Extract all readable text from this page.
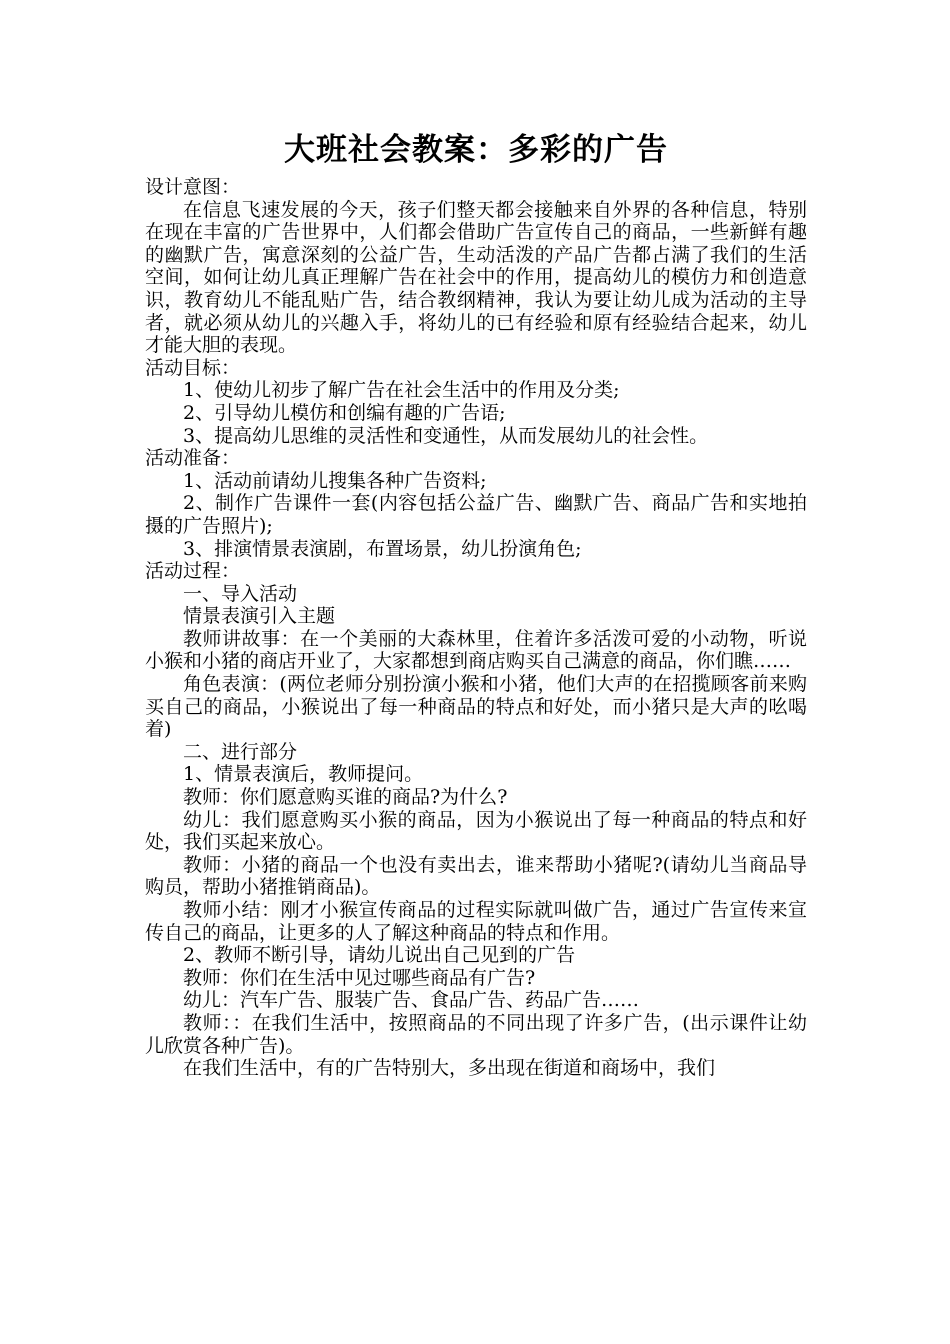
大班社会教案：多彩的广告

设计意图：

在信息飞速发展的今天，孩子们整天都会接触来自外界的各种信息，特别在现在丰富的广告世界中，人们都会借助广告宣传自己的商品，一些新鲜有趣的幽默广告，寓意深刻的公益广告，生动活泼的产品广告都占满了我们的生活空间，如何让幼儿真正理解广告在社会中的作用，提高幼儿的模仿力和创造意识，教育幼儿不能乱贴广告，结合教纲精神，我认为要让幼儿成为活动的主导者，就必须从幼儿的兴趣入手，将幼儿的已有经验和原有经验结合起来，幼儿才能大胆的表现。

活动目标：

1、使幼儿初步了解广告在社会生活中的作用及分类;

2、引导幼儿模仿和创编有趣的广告语;

3、提高幼儿思维的灵活性和变通性，从而发展幼儿的社会性。

活动准备：

1、活动前请幼儿搜集各种广告资料;

2、制作广告课件一套(内容包括公益广告、幽默广告、商品广告和实地拍摄的广告照片);

3、排演情景表演剧，布置场景，幼儿扮演角色;

活动过程：

一、导入活动

情景表演引入主题

教师讲故事：在一个美丽的大森林里，住着许多活泼可爱的小动物，听说小猴和小猪的商店开业了，大家都想到商店购买自己满意的商品，你们瞧……

角色表演：(两位老师分别扮演小猴和小猪，他们大声的在招揽顾客前来购买自己的商品，小猴说出了每一种商品的特点和好处，而小猪只是大声的吆喝着)

二、进行部分

1、情景表演后，教师提问。

教师：你们愿意购买谁的商品?为什么?

幼儿：我们愿意购买小猴的商品，因为小猴说出了每一种商品的特点和好处，我们买起来放心。

教师：小猪的商品一个也没有卖出去，谁来帮助小猪呢?(请幼儿当商品导购员，帮助小猪推销商品)。

教师小结：刚才小猴宣传商品的过程实际就叫做广告，通过广告宣传来宣传自己的商品，让更多的人了解这种商品的特点和作用。

2、教师不断引导，请幼儿说出自己见到的广告

教师：你们在生活中见过哪些商品有广告?

幼儿：汽车广告、服装广告、食品广告、药品广告……

教师：：在我们生活中，按照商品的不同出现了许多广告，(出示课件让幼儿欣赏各种广告)。

在我们生活中，有的广告特别大，多出现在街道和商场中，我们
